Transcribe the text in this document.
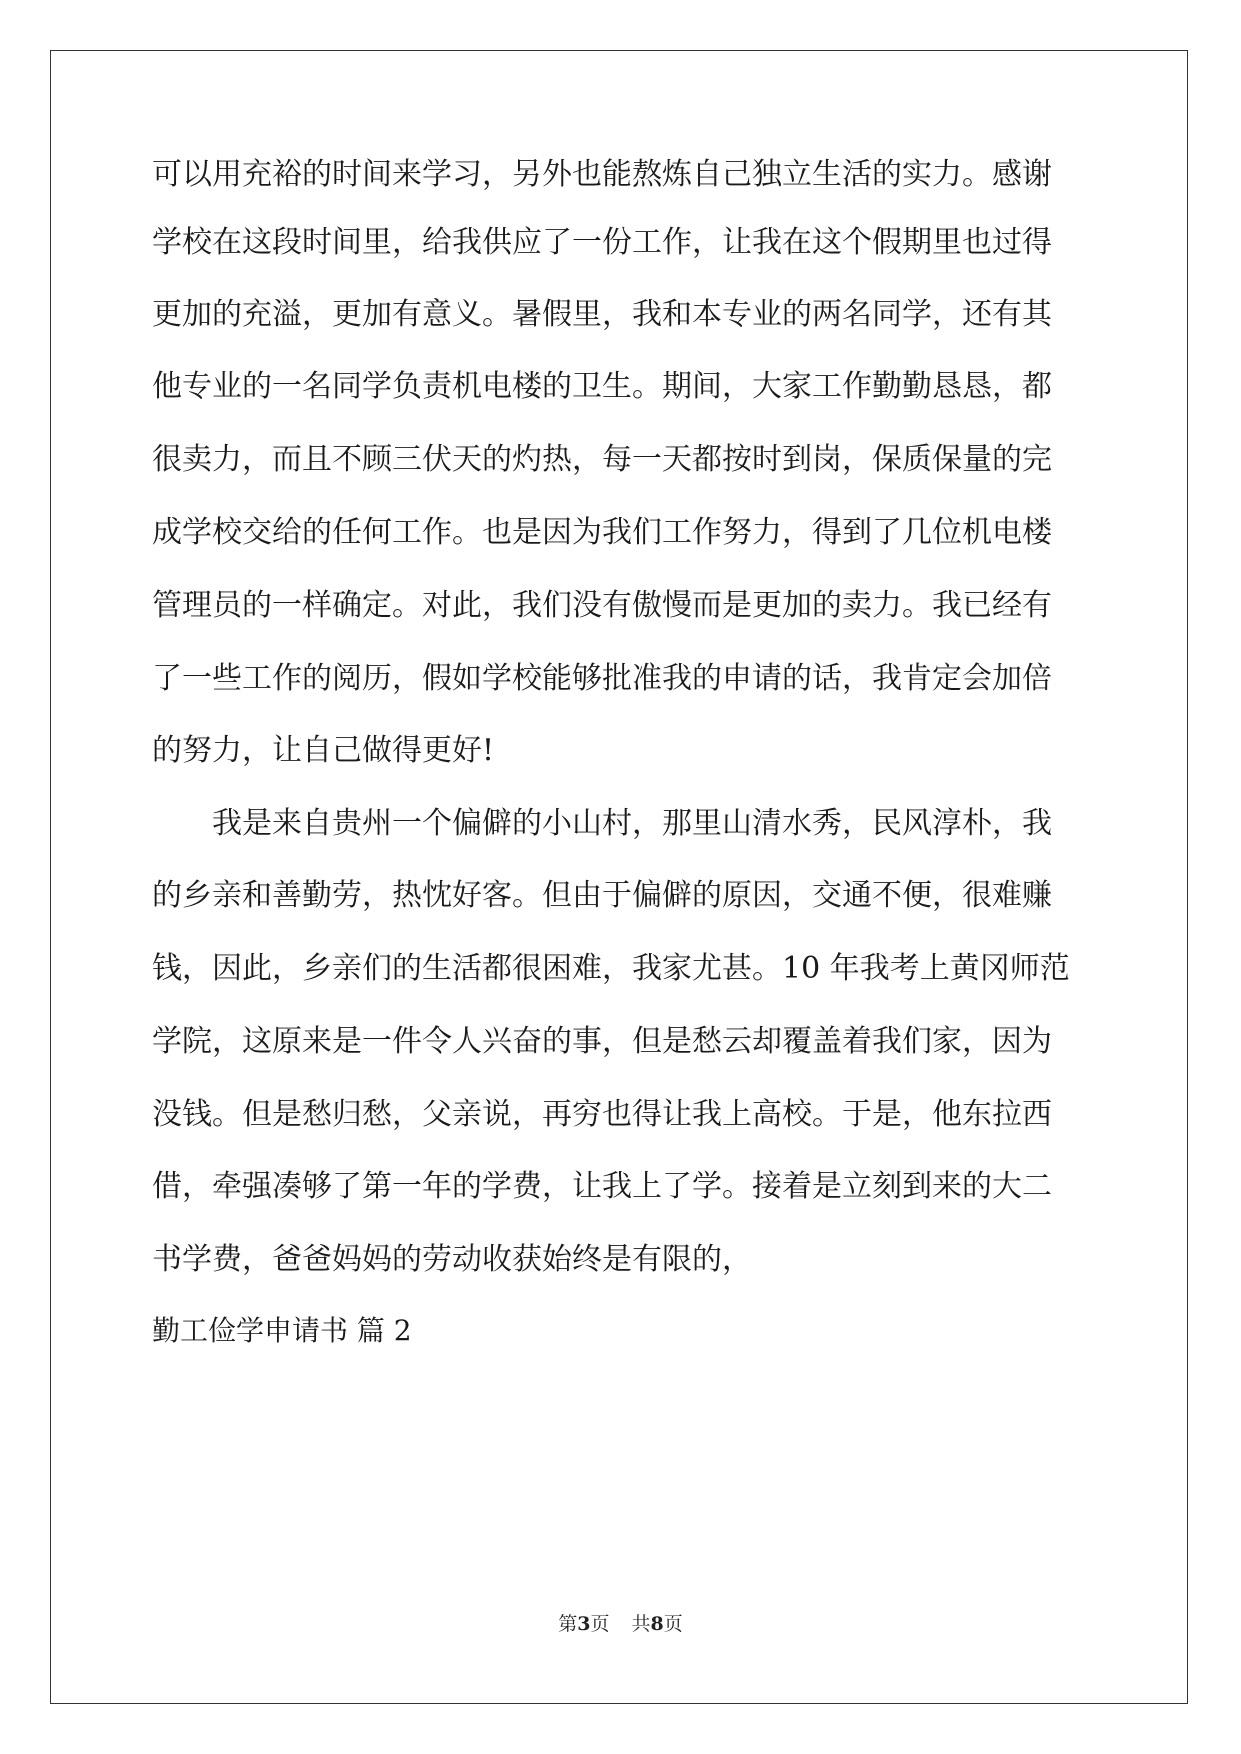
可以用充裕的时间来学习，另外也能熬炼自己独立生活的实力。感谢
学校在这段时间里，给我供应了一份工作，让我在这个假期里也过得
更加的充溢，更加有意义。暑假里，我和本专业的两名同学，还有其
他专业的一名同学负责机电楼的卫生。期间，大家工作勤勤恳恳，都
很卖力，而且不顾三伏天的灼热，每一天都按时到岗，保质保量的完
成学校交给的任何工作。也是因为我们工作努力，得到了几位机电楼
管理员的一样确定。对此，我们没有傲慢而是更加的卖力。我已经有
了一些工作的阅历，假如学校能够批准我的申请的话，我肯定会加倍
的努力，让自己做得更好!
我是来自贵州一个偏僻的小山村，那里山清水秀，民风淳朴，我
的乡亲和善勤劳，热忱好客。但由于偏僻的原因，交通不便，很难赚
钱，因此，乡亲们的生活都很困难，我家尤甚。10 年我考上黄冈师范
学院，这原来是一件令人兴奋的事，但是愁云却覆盖着我们家，因为
没钱。但是愁归愁，父亲说，再穷也得让我上高校。于是，他东拉西
借，牵强凑够了第一年的学费，让我上了学。接着是立刻到来的大二
书学费，爸爸妈妈的劳动收获始终是有限的，
勤工俭学申请书 篇 2
第3页 共8页
